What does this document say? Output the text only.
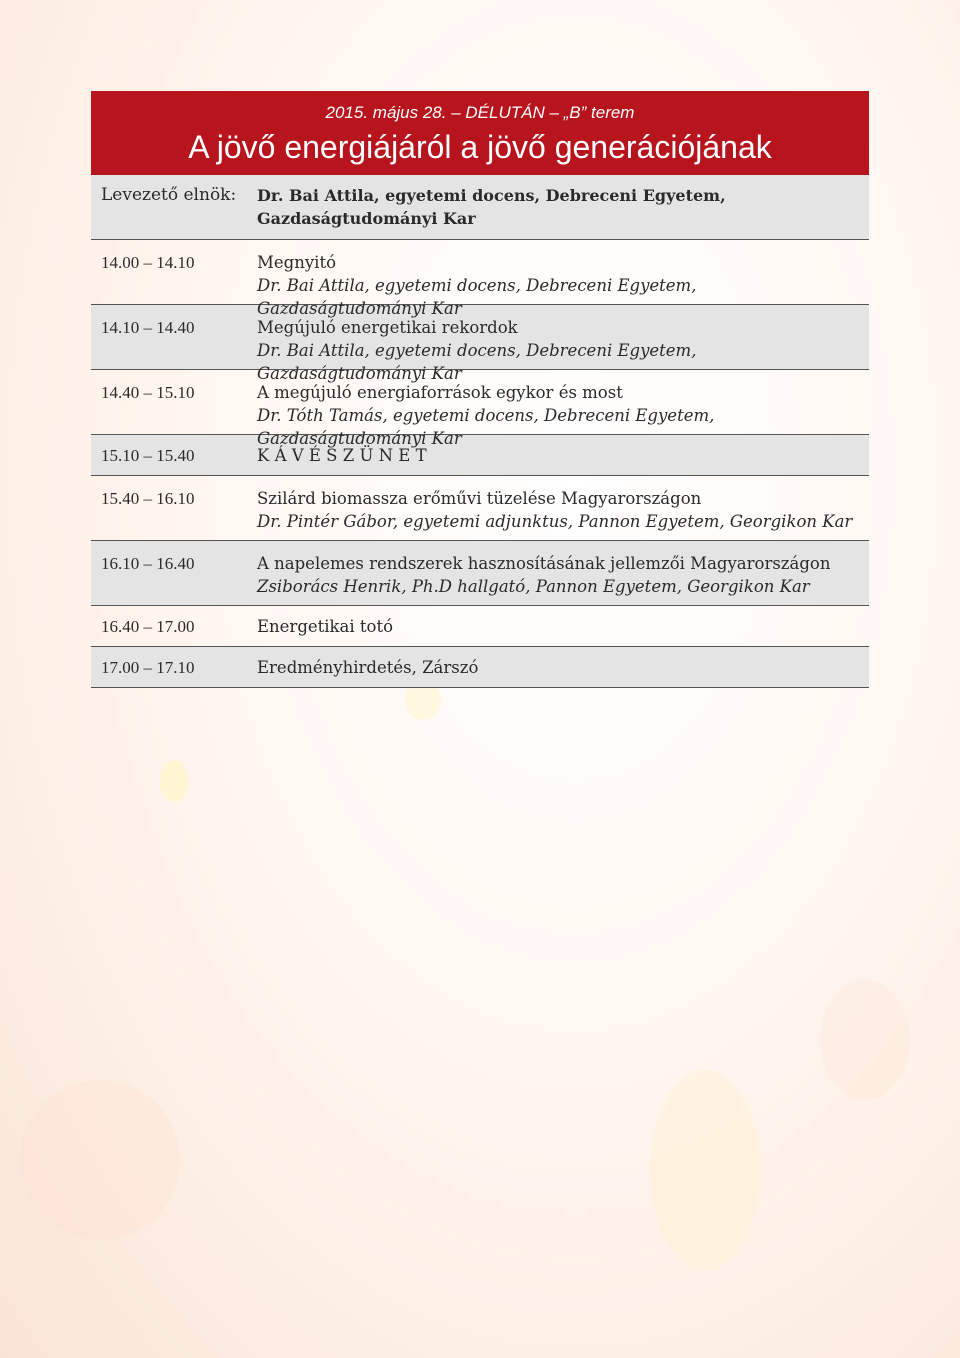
2015. május 28. – DÉLUTÁN – „B” terem
A jövő energiájáról a jövő generációjának
Levezető elnök:	Dr. Bai Attila, egyetemi docens, Debreceni Egyetem, Gazdaságtudományi Kar
14.00 – 14.10	Megnyitó
Dr. Bai Attila, egyetemi docens, Debreceni Egyetem, Gazdaságtudományi Kar
14.10 – 14.40	Megújuló energetikai rekordok
Dr. Bai Attila, egyetemi docens, Debreceni Egyetem, Gazdaságtudományi Kar
14.40 – 15.10	A megújuló energiaforrások egykor és most
Dr. Tóth Tamás, egyetemi docens, Debreceni Egyetem, Gazdaságtudományi Kar
15.10 – 15.40	K Á V É S Z Ü N E T
15.40 – 16.10	Szilárd biomassza erőművi tüzelése Magyarországon
Dr. Pintér Gábor, egyetemi adjunktus, Pannon Egyetem, Georgikon Kar
16.10 – 16.40	A napelemes rendszerek hasznosításának jellemzői Magyarországon
Zsiborács Henrik, Ph.D hallgató, Pannon Egyetem, Georgikon Kar
16.40 – 17.00	Energetikai totó
17.00 – 17.10	Eredményhirdetés, Zárszó
